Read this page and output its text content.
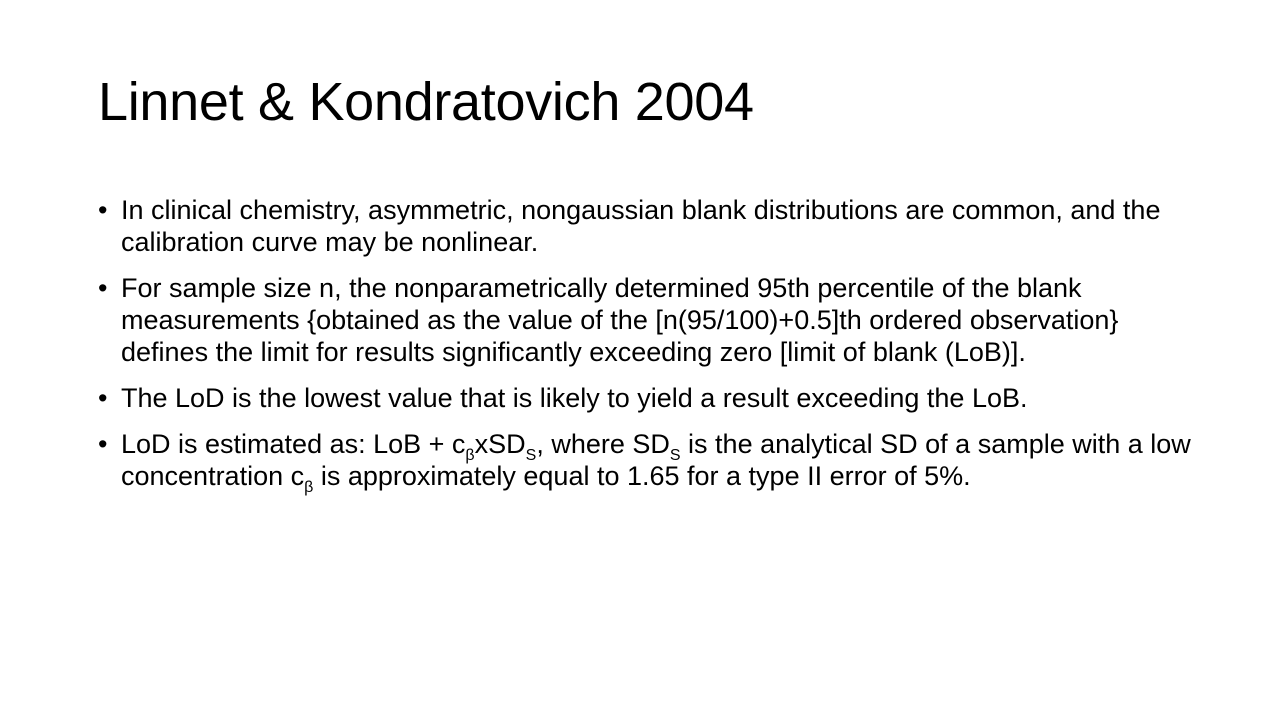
Linnet & Kondratovich 2004
• In clinical chemistry, asymmetric, nongaussian blank distributions are common, and the calibration curve may be nonlinear.
• For sample size n, the nonparametrically determined 95th percentile of the blank measurements {obtained as the value of the [n(95/100)+0.5]th ordered observation} defines the limit for results significantly exceeding zero [limit of blank (LoB)].
• The LoD is the lowest value that is likely to yield a result exceeding the LoB.
• LoD is estimated as: LoB + $c_\beta xSD_S$, where $SD_S$ is the analytical SD of a sample with a low concentration $c_\beta$ is approximately equal to 1.65 for a type II error of 5%.
